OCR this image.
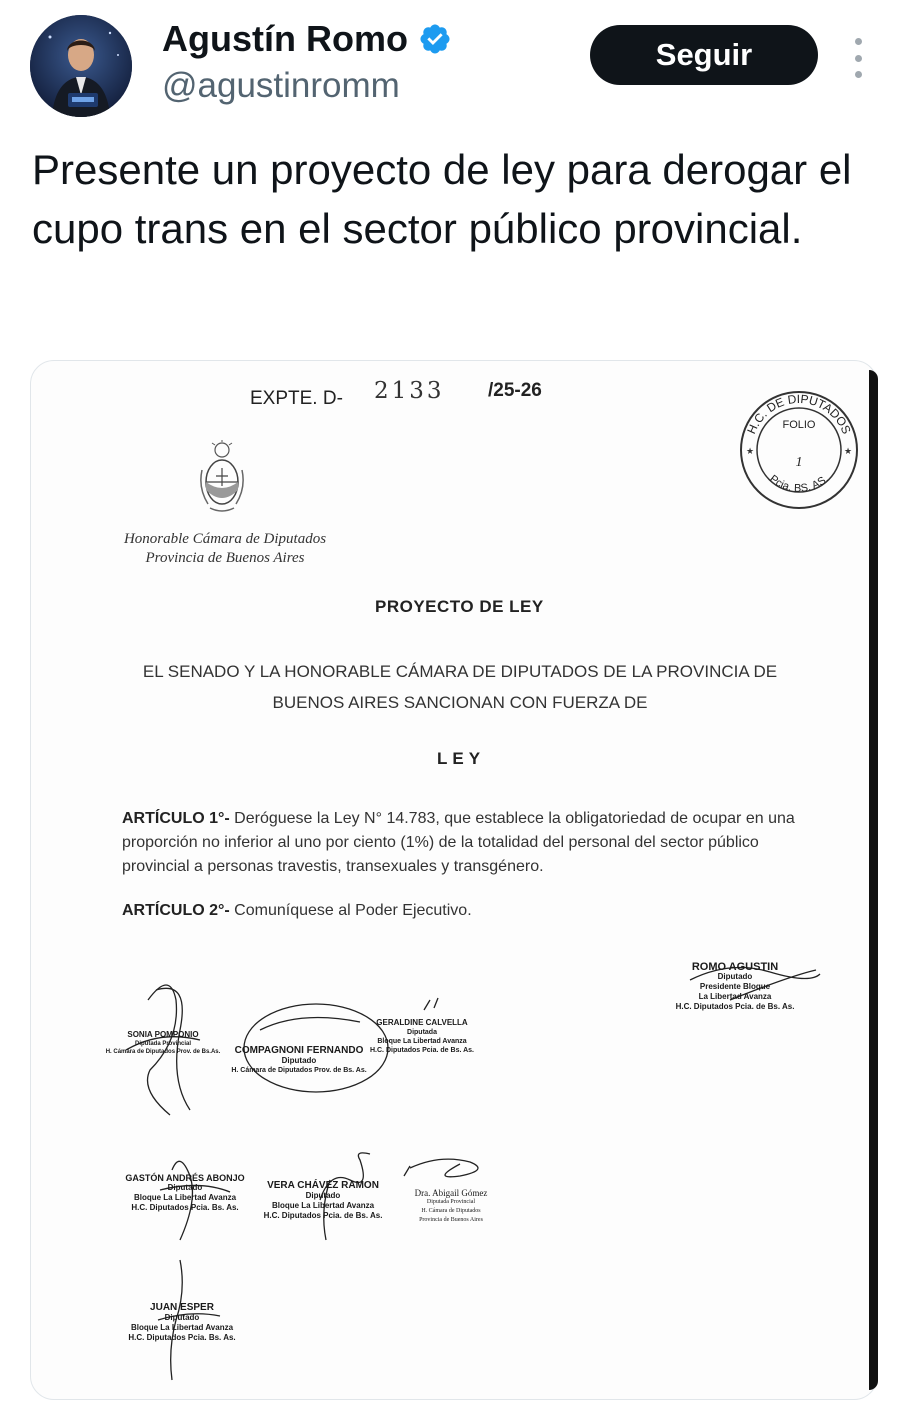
Agustín Romo
@agustinromm
Seguir

Presente un proyecto de ley para derogar el cupo trans en el sector público provincial.

EXPTE. D- 2133 /25-26
H.C. DE DIPUTADOS
Pcia. BS. AS.
FOLIO
1
★	★
Honorable Cámara de Diputados
Provincia de Buenos Aires
PROYECTO DE LEY
EL SENADO Y LA HONORABLE CÁMARA DE DIPUTADOS DE LA PROVINCIA DE
BUENOS AIRES SANCIONAN CON FUERZA DE
LEY
ARTÍCULO 1°- Deróguese la Ley N° 14.783, que establece la obligatoriedad de ocupar en una proporción no inferior al uno por ciento (1%) de la totalidad del personal del sector público provincial a personas travestis, transexuales y transgénero.
ARTÍCULO 2°- Comuníquese al Poder Ejecutivo.
ROMO AGUSTIN
Diputado
Presidente Bloque
La Libertad Avanza
H.C. Diputados Pcia. de Bs. As.
SONIA POMPONIO
Diputada Provincial
H. Cámara de Diputados Prov. de Bs.As.	COMPAGNONI FERNANDO
Diputado
H. Cámara de Diputados Prov. de Bs. As.
GERALDINE CALVELLA
Diputada
Bloque La Libertad Avanza
H.C. Diputados Pcia. de Bs. As.
GASTÓN ANDRÉS ABONJO
Diputado
Bloque La Libertad Avanza
H.C. Diputados Pcia. Bs. As.
VERA CHÁVEZ RAMON
Diputado
Bloque La Libertad Avanza
H.C. Diputados Pcia. de Bs. As.
Dra. Abigail Gómez
Diputada Provincial
H. Cámara de Diputados
Provincia de Buenos Aires
JUAN ESPER
Diputado
Bloque La Libertad Avanza
H.C. Diputados Pcia. Bs. As.
